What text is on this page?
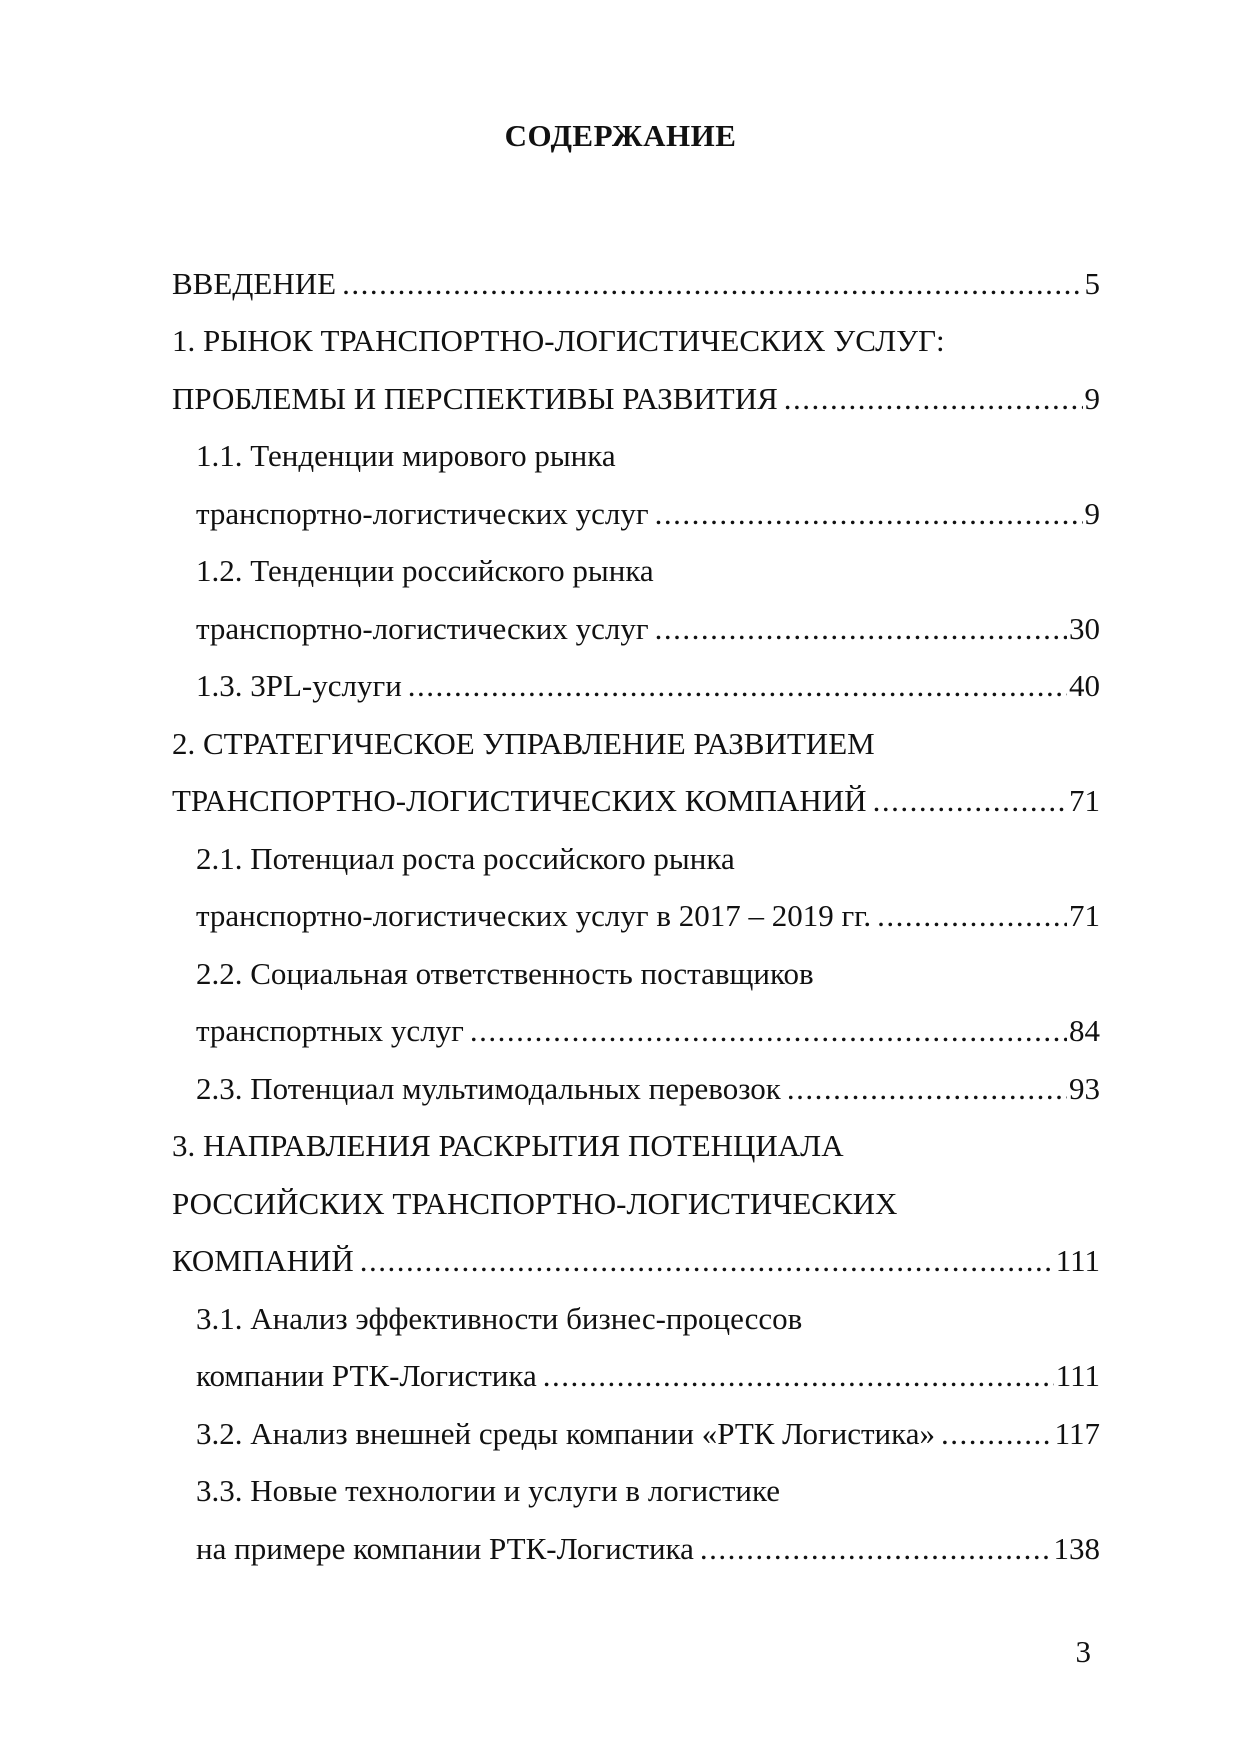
СОДЕРЖАНИЕ
ВВЕДЕНИЕ .....	5
1. РЫНОК ТРАНСПОРТНО-ЛОГИСТИЧЕСКИХ УСЛУГ:
ПРОБЛЕМЫ И ПЕРСПЕКТИВЫ РАЗВИТИЯ .....	9
1.1. Тенденции мирового рынка
транспортно-логистических услуг .....	9
1.2. Тенденции российского рынка
транспортно-логистических услуг .....	30
1.3. 3PL-услуги .....	40
2. СТРАТЕГИЧЕСКОЕ УПРАВЛЕНИЕ РАЗВИТИЕМ
ТРАНСПОРТНО-ЛОГИСТИЧЕСКИХ КОМПАНИЙ .....	71
2.1. Потенциал роста российского рынка
транспортно-логистических услуг в 2017 – 2019 гг. .....	71
2.2. Социальная ответственность поставщиков
транспортных услуг .....	84
2.3. Потенциал мультимодальных перевозок .....	93
3. НАПРАВЛЕНИЯ РАСКРЫТИЯ ПОТЕНЦИАЛА
РОССИЙСКИХ ТРАНСПОРТНО-ЛОГИСТИЧЕСКИХ
КОМПАНИЙ .....	111
3.1. Анализ эффективности бизнес-процессов
компании РТК-Логистика .....	111
3.2. Анализ внешней среды компании «РТК Логистика» .....	117
3.3. Новые технологии и услуги в логистике
на примере компании РТК-Логистика .....	138
3
